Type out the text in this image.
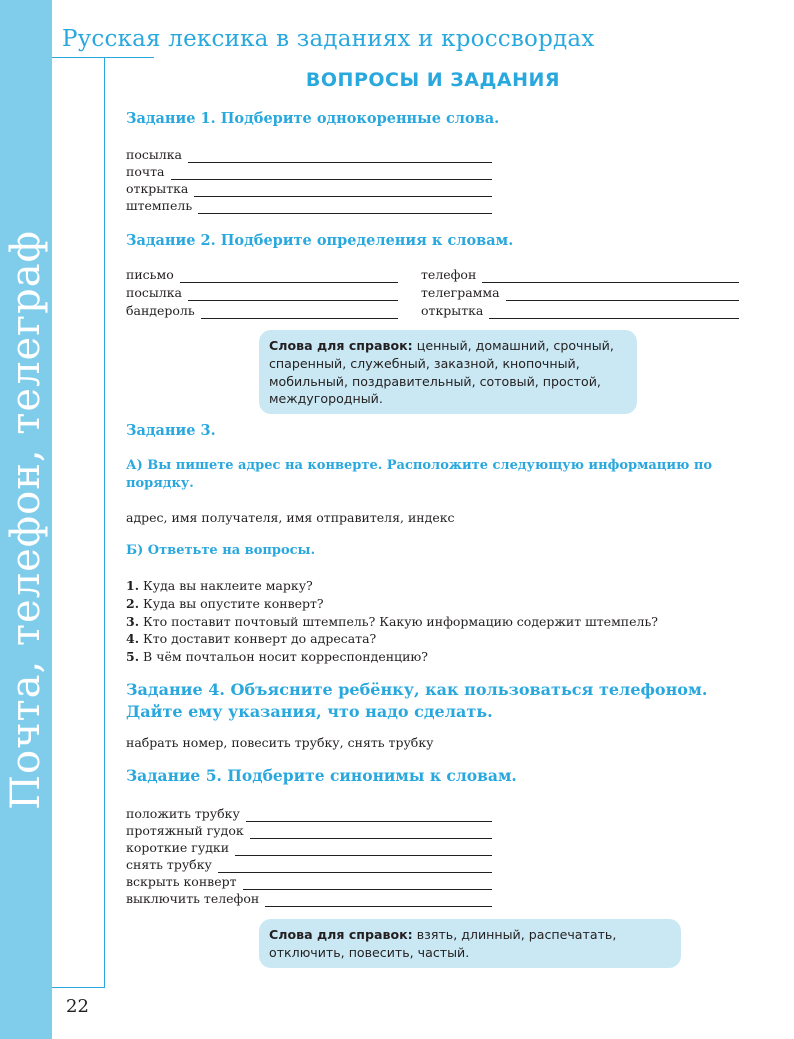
Почта, телефон, телеграф
Русская лексика в заданиях и кроссвордах
ВОПРОСЫ И ЗАДАНИЯ
Задание 1. Подберите однокоренные слова.
посылка
почта
открытка
штемпель
Задание 2. Подберите определения к словам.
письмо
посылка
бандероль
телефон
телеграмма
открытка
Слова для справок: ценный, домашний, срочный, спаренный, служебный, заказной, кнопочный, мобильный, поздравительный, сотовый, простой, междугородный.
Задание 3.
А) Вы пишете адрес на конверте. Расположите следующую информацию по порядку.
адрес, имя получателя, имя отправителя, индекс
Б) Ответьте на вопросы.
1. Куда вы наклеите марку?
2. Куда вы опустите конверт?
3. Кто поставит почтовый штемпель? Какую информацию содержит штемпель?
4. Кто доставит конверт до адресата?
5. В чём почтальон носит корреспонденцию?
Задание 4. Объясните ребёнку, как пользоваться телефоном. Дайте ему указания, что надо сделать.
набрать номер, повесить трубку, снять трубку
Задание 5. Подберите синонимы к словам.
положить трубку
протяжный гудок
короткие гудки
снять трубку
вскрыть конверт
выключить телефон
Слова для справок: взять, длинный, распечатать, отключить, повесить, частый.
22
